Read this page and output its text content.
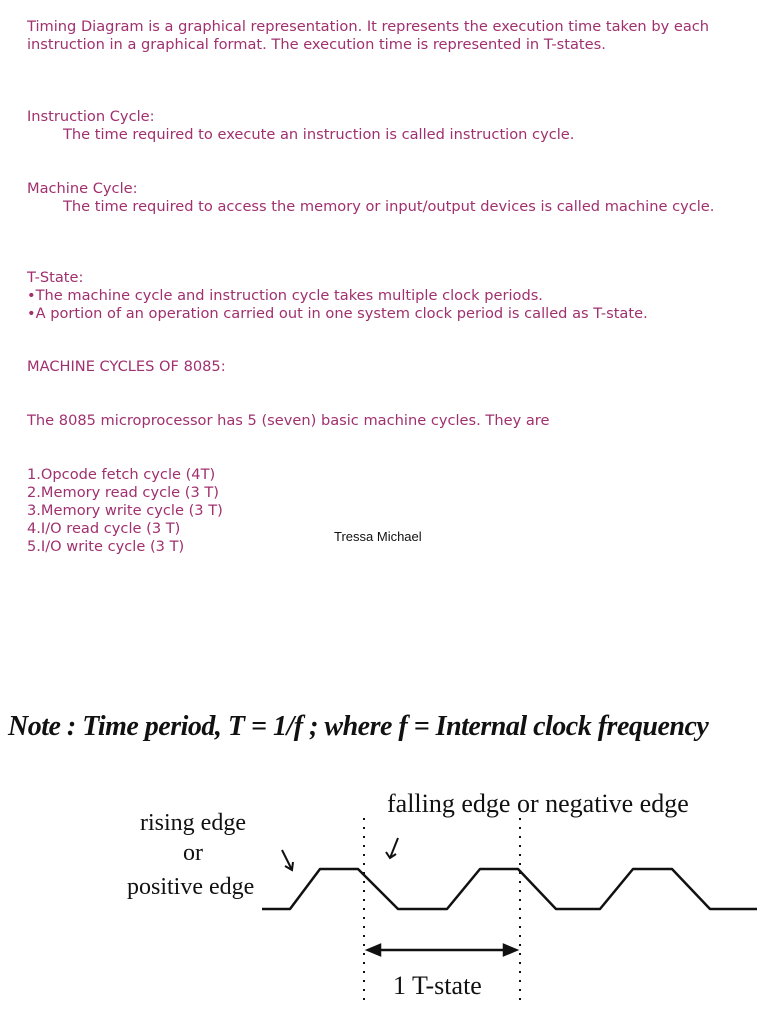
Timing Diagram is a graphical representation. It represents the execution time taken by each instruction in a graphical format. The execution time is represented in T-states.
Instruction Cycle:
The time required to execute an instruction is called instruction cycle.
Machine Cycle:
The time required to access the memory or input/output devices is called machine cycle.
T-State:
•The machine cycle and instruction cycle takes multiple clock periods.
•A portion of an operation carried out in one system clock period is called as T-state.
MACHINE CYCLES OF 8085:
The 8085 microprocessor has 5 (seven) basic machine cycles. They are
1.Opcode fetch cycle (4T)
2.Memory read cycle (3 T)
3.Memory write cycle (3 T)
4.I/O read cycle (3 T)
5.I/O write cycle (3 T)
Tressa Michael
Note : Time period, T = 1/f ; where f = Internal clock frequency
rising edge
or
positive edge
falling edge or negative edge
1 T-state
